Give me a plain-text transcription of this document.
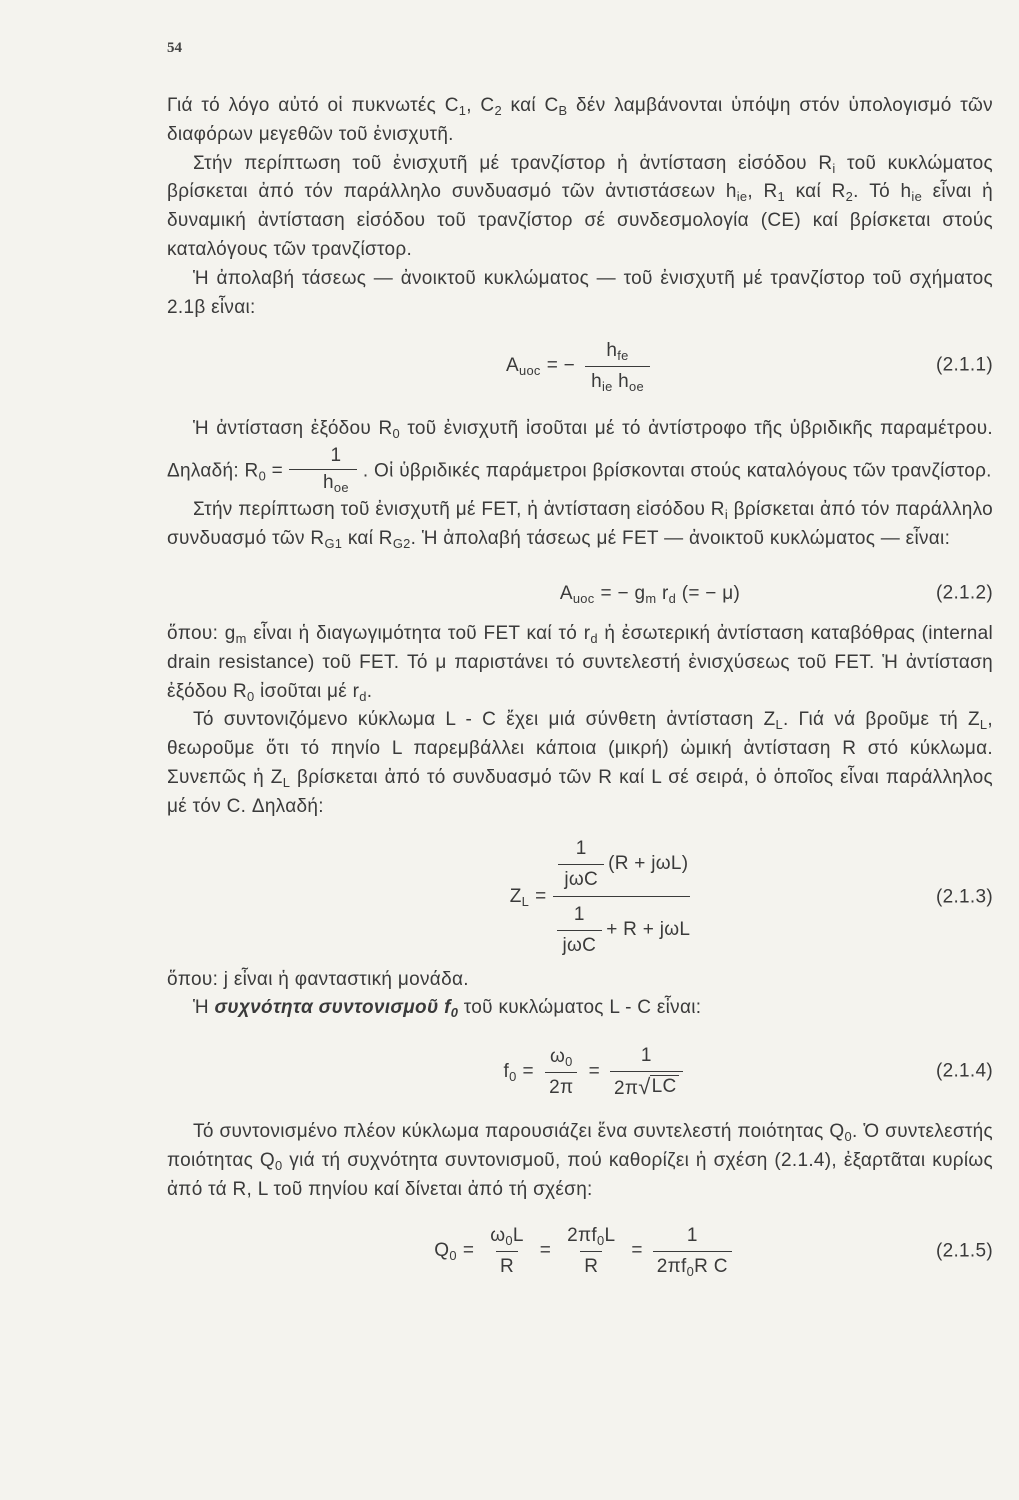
54

Γιά τό λόγο αὐτό οἱ πυκνωτές $C_1$, $C_2$ καί $C_B$ δέν λαμβάνονται ὑπόψη στόν ὑπολογισμό τῶν διαφόρων μεγεθῶν τοῦ ἐνισχυτῆ.

Στήν περίπτωση τοῦ ἐνισχυτῆ μέ τρανζίστορ ἡ ἀντίσταση εἰσόδου $R_i$ τοῦ κυκλώματος βρίσκεται ἀπό τόν παράλληλο συνδυασμό τῶν ἀντιστάσεων $h_{ie}$, $R_1$ καί $R_2$. Τό $h_{ie}$ εἶναι ἡ δυναμική ἀντίσταση εἰσόδου τοῦ τρανζίστορ σέ συνδεσμολογία (CE) καί βρίσκεται στούς καταλόγους τῶν τρανζίστορ.

Ἡ ἀπολαβή τάσεως — ἀνοικτοῦ κυκλώματος — τοῦ ἐνισχυτῆ μέ τρανζίστορ τοῦ σχήματος 2.1β εἶναι:

$A_{uoc}$ = − $\frac{h_{fe}}{h_{ie} h_{oe}}$	(2.1.1)

Ἡ ἀντίσταση ἐξόδου $R_0$ τοῦ ἐνισχυτῆ ἰσοῦται μέ τό ἀντίστροφο τῆς ὑβριδικῆς παραμέτρου. Δηλαδή: $R_0 = \frac{1}{h_{oe}}$ . Οἱ ὑβριδικές παράμετροι βρίσκονται στούς καταλόγους τῶν τρανζίστορ.

Στήν περίπτωση τοῦ ἐνισχυτῆ μέ FET, ἡ ἀντίσταση εἰσόδου $R_i$ βρίσκεται ἀπό τόν παράλληλο συνδυασμό τῶν $R_{G1}$ καί $R_{G2}$. Ἡ ἀπολαβή τάσεως μέ FET — ἀνοικτοῦ κυκλώματος — εἶναι:

$A_{uoc}$ = − $g_m$ $r_d$ (= − μ)	(2.1.2)

ὅπου: $g_m$ εἶναι ἡ διαγωγιμότητα τοῦ FET καί τό $r_d$ ἡ ἐσωτερική ἀντίσταση καταβόθρας (internal drain resistance) τοῦ FET. Τό μ παριστάνει τό συντελεστή ἐνισχύσεως τοῦ FET. Ἡ ἀντίσταση ἐξόδου $R_0$ ἰσοῦται μέ $r_d$.

Τό συντονιζόμενο κύκλωμα L - C ἔχει μιά σύνθετη ἀντίσταση $Z_L$. Γιά νά βροῦμε τή $Z_L$, θεωροῦμε ὅτι τό πηνίο L παρεμβάλλει κάποια (μικρή) ὠμική ἀντίσταση R στό κύκλωμα. Συνεπῶς ἡ $Z_L$ βρίσκεται ἀπό τό συνδυασμό τῶν R καί L σέ σειρά, ὁ ὁποῖος εἶναι παράλληλος μέ τόν C. Δηλαδή:

$Z_L = \frac{\frac{1}{\text{jωC}} (R + j\omega L)}{\frac{1}{\text{jωC}} + R + j\omega L}$	(2.1.3)

ὅπου: j εἶναι ἡ φανταστική μονάδα.

Ἡ συχνότητα συντονισμοῦ $f_0$ τοῦ κυκλώματος L - C εἶναι:

$f_0 = \frac{\omega_0}{2\pi} = \frac{1}{2\pi √ LC}$	(2.1.4)

Τό συντονισμένο πλέον κύκλωμα παρουσιάζει ἕνα συντελεστή ποιότητας $Q_0$. Ὁ συντελεστής ποιότητας $Q_0$ γιά τή συχνότητα συντονισμοῦ, πού καθορίζει ἡ σχέση (2.1.4), ἐξαρτᾶται κυρίως ἀπό τά R, L τοῦ πηνίου καί δίνεται ἀπό τή σχέση:

$Q_0 = \frac{\omega_0L}{R} = \frac{2\pi f_0L}{R} = \frac{1}{2\pi f_0R C}$	(2.1.5)
